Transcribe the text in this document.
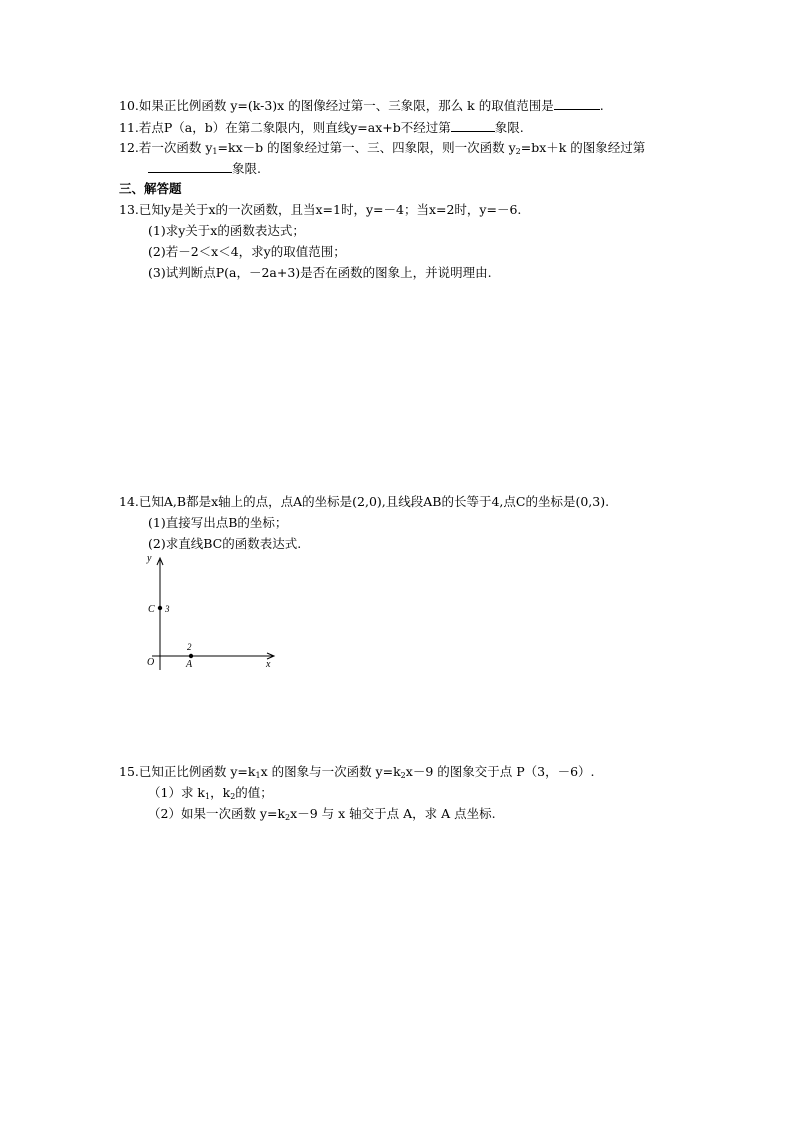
10.如果正比例函数 y=(k-3)x 的图像经过第一、三象限，那么 k 的取值范围是	.
11.若点P（a，b）在第二象限内，则直线y=ax+b不经过第	象限.
12.若一次函数 $y_1=kx-b$ 的图象经过第一、三、四象限，则一次函数 $y_2=bx+k$ 的图象经过第
象限.
三、解答题
13.已知y是关于x的一次函数，且当x=1时，y=－4；当x=2时，y=－6.
(1)求y关于x的函数表达式；
(2)若－2＜x＜4，求y的取值范围；
(3)试判断点P(a，－2a+3)是否在函数的图象上，并说明理由.
14.已知A,B都是x轴上的点，点A的坐标是(2,0),且线段AB的长等于4,点C的坐标是(0,3).
(1)直接写出点B的坐标；
(2)求直线BC的函数表达式.
y
x
O
C 3
2
A
15.已知正比例函数 $y=k_1x$ 的图象与一次函数 $y=k_2x-9$ 的图象交于点 P（3，－6）.
（1）求 $k_1$，$k_2$的值；
（2）如果一次函数 $y=k_2x-9$ 与 x 轴交于点 A，求 A 点坐标.
